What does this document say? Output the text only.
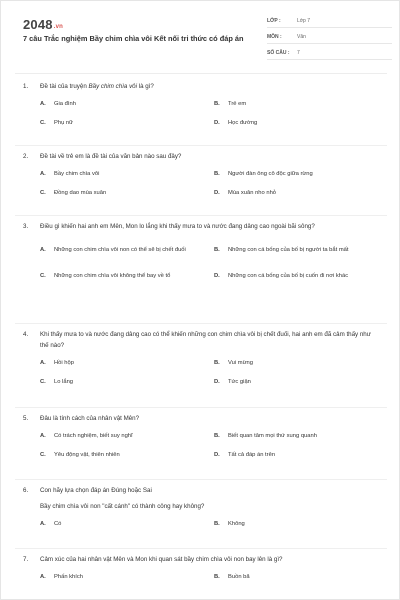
2048.vn
7 câu Trắc nghiệm Bầy chim chìa vôi Kết nối tri thức có đáp án
LỚP :	Lớp 7
MÔN :	Văn
SỐ CÂU :	7
1.	Đề tài của truyện Bầy chim chìa vôi là gì?
A.	Gia đình	B.	Trẻ em
C.	Phụ nữ	D.	Học đường
2.	Đề tài về trẻ em là đề tài của văn bản nào sau đây?
A.	Bầy chim chìa vôi	B.	Người đàn ông cô độc giữa rừng
C.	Đồng dao mùa xuân	D.	Mùa xuân nho nhỏ
3.	Điều gì khiến hai anh em Mên, Mon lo lắng khi thấy mưa to và nước đang dâng cao ngoài bãi sông?
A.	Những con chim chìa vôi non có thể sẽ bị chết đuối	B.	Những con cá bống của bố bị người ta bắt mất
C.	Những con chim chìa vôi không thể bay về tổ	D.	Những con cá bống của bố bị cuốn đi nơi khác
4.	Khi thấy mưa to và nước đang dâng cao có thể khiến những con chim chìa vôi bị chết đuối, hai anh em đã cảm thấy như thế nào?
A.	Hồi hộp	B.	Vui mừng
C.	Lo lắng	D.	Tức giận
5.	Đâu là tính cách của nhân vật Mên?
A.	Có trách nghiệm, biết suy nghĩ	B.	Biết quan tâm mọi thứ xung quanh
C.	Yêu động vật, thiên nhiên	D.	Tất cả đáp án trên
6.	Con hãy lựa chọn đáp án Đúng hoặc Sai
Bầy chim chìa vôi non "cất cánh" có thành công hay không?
A.	Có	B.	Không
7.	Cảm xúc của hai nhân vật Mên và Mon khi quan sát bầy chim chìa vôi non bay lên là gì?
A.	Phấn khích	B.	Buồn bã
